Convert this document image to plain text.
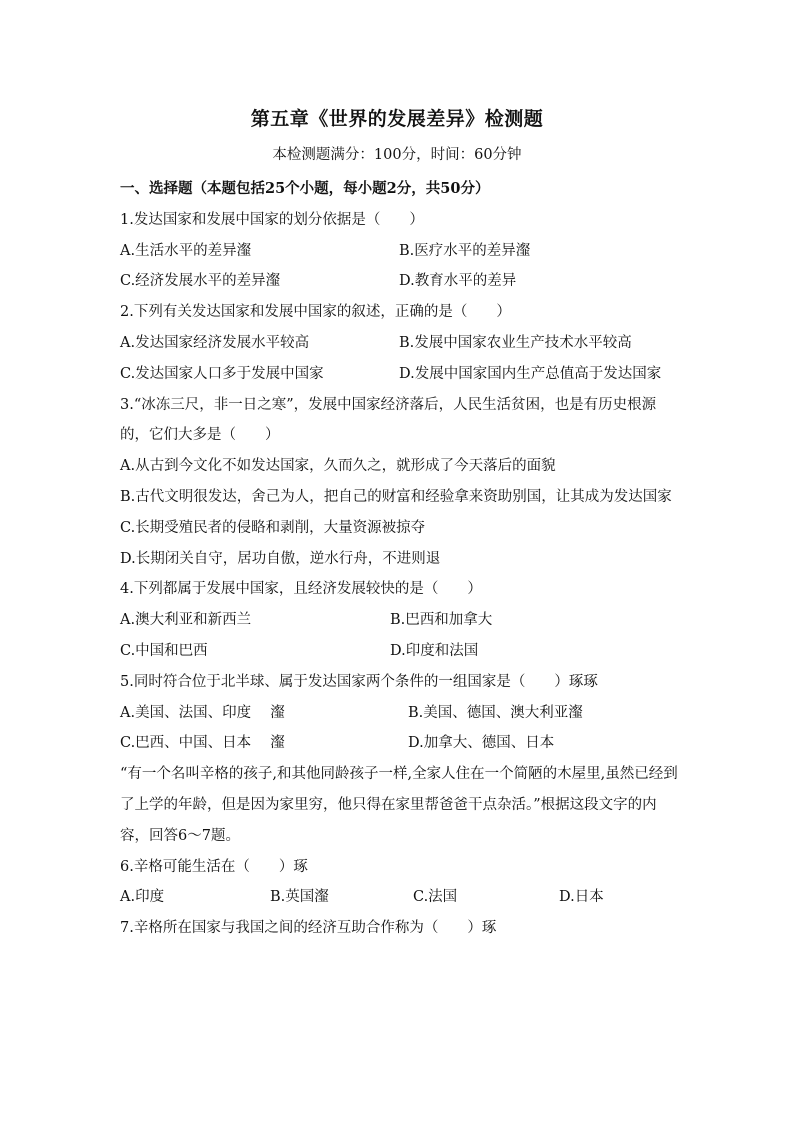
第五章《世界的发展差异》检测题
本检测题满分：100分，时间：60分钟
一、选择题（本题包括25个小题，每小题2分，共50分）
1.发达国家和发展中国家的划分依据是（　　）
A.生活水平的差异瀣	B.医疗水平的差异瀣
C.经济发展水平的差异瀣	D.教育水平的差异
2.下列有关发达国家和发展中国家的叙述，正确的是（　　）
A.发达国家经济发展水平较高	B.发展中国家农业生产技术水平较高
C.发达国家人口多于发展中国家	D.发展中国家国内生产总值高于发达国家
3.“冰冻三尺，非一日之寒”，发展中国家经济落后，人民生活贫困，也是有历史根源的，它们大多是（　　）
A.从古到今文化不如发达国家，久而久之，就形成了今天落后的面貌
B.古代文明很发达，舍己为人，把自己的财富和经验拿来资助别国，让其成为发达国家
C.长期受殖民者的侵略和剥削，大量资源被掠夺
D.长期闭关自守，居功自傲，逆水行舟，不进则退
4.下列都属于发展中国家，且经济发展较快的是（　　）
A.澳大利亚和新西兰	B.巴西和加拿大
C.中国和巴西	D.印度和法国
5.同时符合位于北半球、属于发达国家两个条件的一组国家是（　　）琢琢
A.美国、法国、印度　 瀣	B.美国、德国、澳大利亚瀣
C.巴西、中国、日本　 瀣	D.加拿大、德国、日本
“有一个名叫辛格的孩子,和其他同龄孩子一样,全家人住在一个简陋的木屋里,虽然已经到了上学的年龄，但是因为家里穷，他只得在家里帮爸爸干点杂活。”根据这段文字的内容，回答6～7题。
6.辛格可能生活在（　　）琢
A.印度	B.英国瀣	C.法国	D.日本
7.辛格所在国家与我国之间的经济互助合作称为（　　）琢
